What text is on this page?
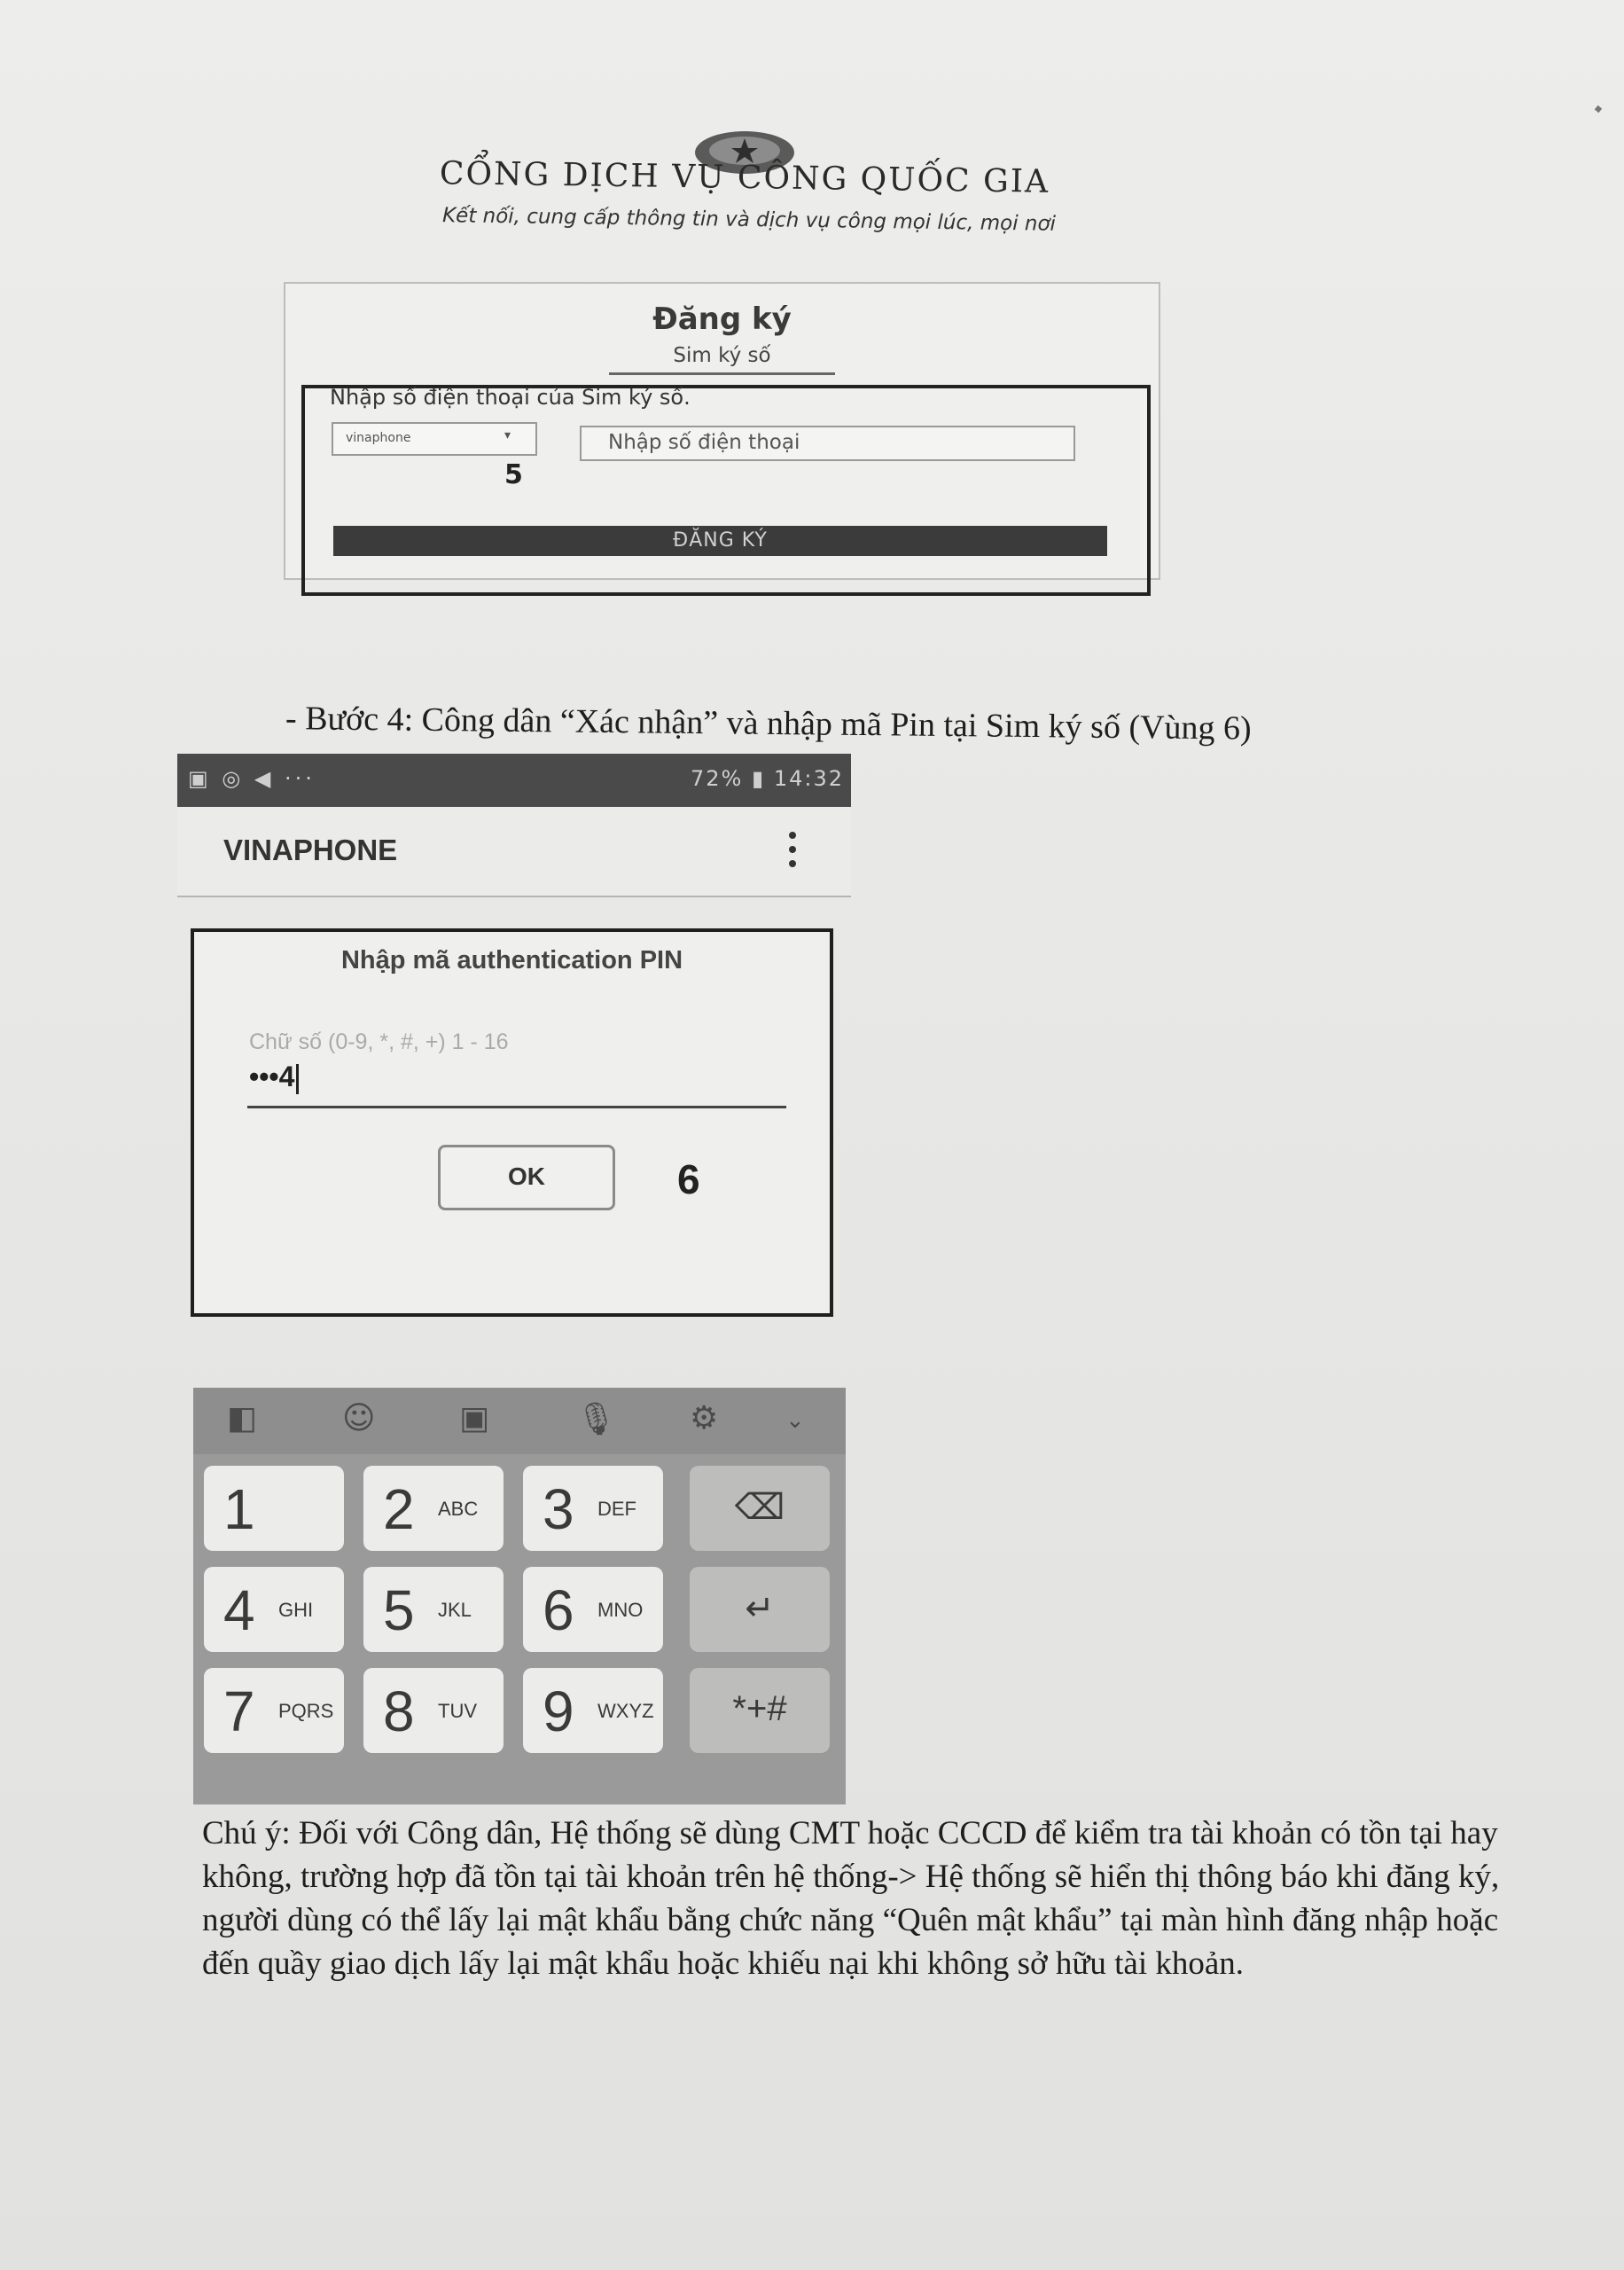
CỔNG DỊCH VỤ CÔNG QUỐC GIA
Kết nối, cung cấp thông tin và dịch vụ công mọi lúc, mọi nơi
Đăng ký
Sim ký số
Nhập số điện thoại của Sim ký số.
vinaphone	▾	Nhập số điện thoại
5
ĐĂNG KÝ
- Bước 4: Công dân “Xác nhận” và nhập mã Pin tại Sim ký số (Vùng 6)
▣ ◎ ◀ ···	72% ▮ 14:32
VINAPHONE
Nhập mã authentication PIN
Chữ số (0-9, *, #, +) 1 - 16
•••4
OK	6
◧	☺	▣	🎙 ⚙	⌄
1 2 ABC 3 DEF	⌫
4 GHI 5 JKL 6 MNO	↵
7 PQRS 8 TUV 9 WXYZ	*+#
Chú ý: Đối với Công dân, Hệ thống sẽ dùng CMT hoặc CCCD để kiểm tra tài khoản có tồn tại hay không, trường hợp đã tồn tại tài khoản trên hệ thống-> Hệ thống sẽ hiển thị thông báo khi đăng ký, người dùng có thể lấy lại mật khẩu bằng chức năng “Quên mật khẩu” tại màn hình đăng nhập hoặc đến quầy giao dịch lấy lại mật khẩu hoặc khiếu nại khi không sở hữu tài khoản.
